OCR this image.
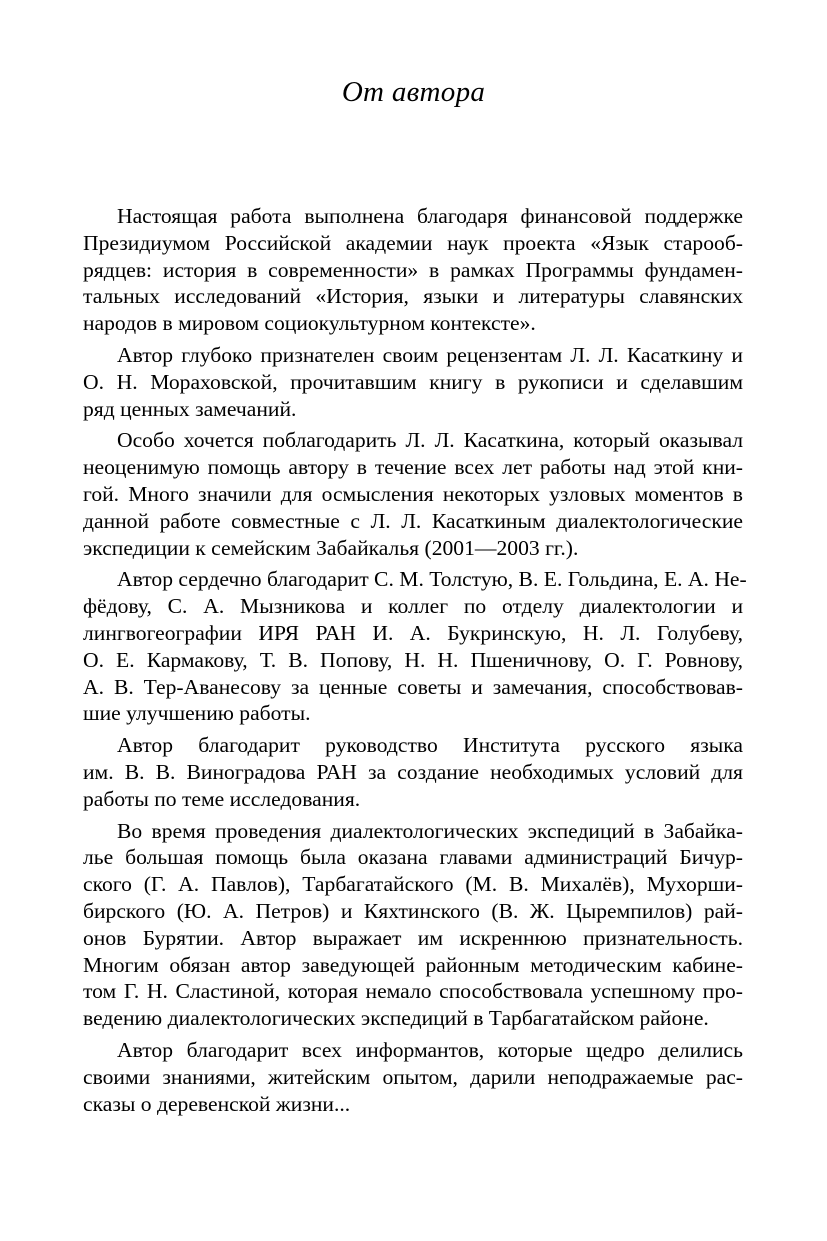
От автора
Настоящая работа выполнена благодаря финансовой поддержке
Президиумом Российской академии наук проекта «Язык старооб-
рядцев: история в современности» в рамках Программы фундамен-
тальных исследований «История, языки и литературы славянских
народов в мировом социокультурном контексте».
Автор глубоко признателен своим рецензентам Л. Л. Касаткину и
О. Н. Мораховской, прочитавшим книгу в рукописи и сделавшим
ряд ценных замечаний.
Особо хочется поблагодарить Л. Л. Касаткина, который оказывал
неоценимую помощь автору в течение всех лет работы над этой кни-
гой. Много значили для осмысления некоторых узловых моментов в
данной работе совместные с Л. Л. Касаткиным диалектологические
экспедиции к семейским Забайкалья (2001—2003 гг.).
Автор сердечно благодарит С. М. Толстую, В. Е. Гольдина, Е. А. Не-
фёдову, С. А. Мызникова и коллег по отделу диалектологии и
лингвогеографии ИРЯ РАН И. А. Букринскую, Н. Л. Голубеву,
О. Е. Кармакову, Т. В. Попову, Н. Н. Пшеничнову, О. Г. Ровнову,
А. В. Тер-Аванесову за ценные советы и замечания, способствовав-
шие улучшению работы.
Автор благодарит руководство Института русского языка
им. В. В. Виноградова РАН за создание необходимых условий для
работы по теме исследования.
Во время проведения диалектологических экспедиций в Забайка-
лье большая помощь была оказана главами администраций Бичур-
ского (Г. А. Павлов), Тарбагатайского (М. В. Михалёв), Мухорши-
бирского (Ю. А. Петров) и Кяхтинского (В. Ж. Цыремпилов) рай-
онов Бурятии. Автор выражает им искреннюю признательность.
Многим обязан автор заведующей районным методическим кабине-
том Г. Н. Сластиной, которая немало способствовала успешному про-
ведению диалектологических экспедиций в Тарбагатайском районе.
Автор благодарит всех информантов, которые щедро делились
своими знаниями, житейским опытом, дарили неподражаемые рас-
сказы о деревенской жизни...
